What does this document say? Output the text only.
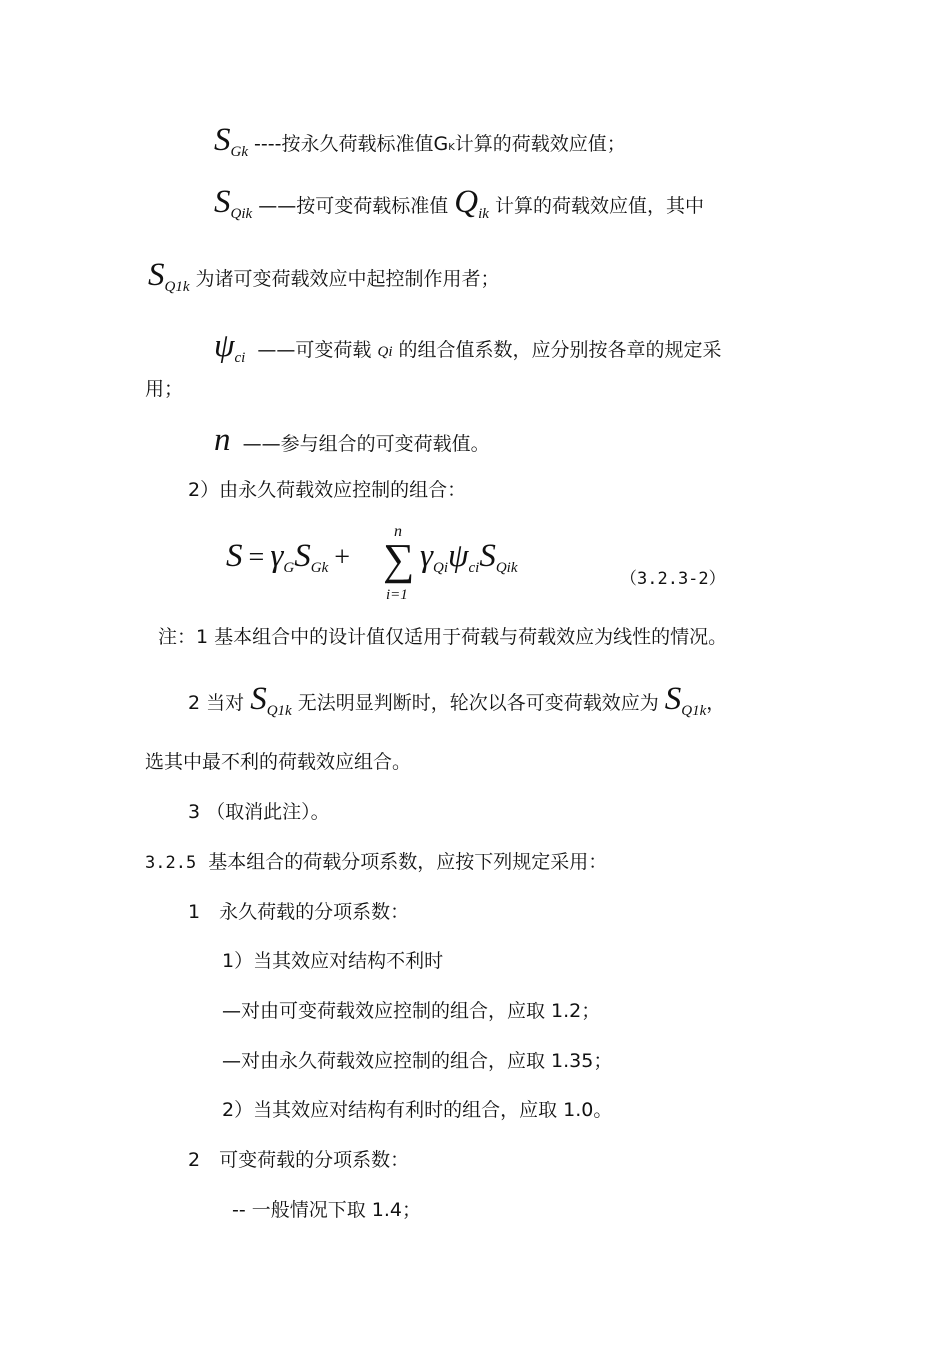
$S_{Gk}$ ----按永久荷载标准值GK计算的荷载效应值；
$S_{Qik}$ ——按可变荷载标准值 $Q_{ik}$ 计算的荷载效应值，其中
$S_{Q1k}$ 为诸可变荷载效应中起控制作用者；
$\psi_{ci}$ ——可变荷载 Qi 的组合值系数，应分别按各章的规定采
用；
n ——参与组合的可变荷载值。
2）由永久荷载效应控制的组合：
$S = \gamma_GS_{Gk}$ + ∑
n
i=1
$\gamma_{Qi}\psi_{ci}S_{Qik}$
（3.2.3-2）
注：1 基本组合中的设计值仅适用于荷载与荷载效应为线性的情况。
2 当对 $S_{Q1k}$ 无法明显判断时，轮次以各可变荷载效应为 $S_{Q1k}$，
选其中最不利的荷载效应组合。
3 （取消此注）。
3.2.5 基本组合的荷载分项系数，应按下列规定采用：
1　永久荷载的分项系数：
1）当其效应对结构不利时
—对由可变荷载效应控制的组合，应取 1.2；
—对由永久荷载效应控制的组合，应取 1.35；
2）当其效应对结构有利时的组合，应取 1.0。
2　可变荷载的分项系数：
-- 一般情况下取 1.4；
